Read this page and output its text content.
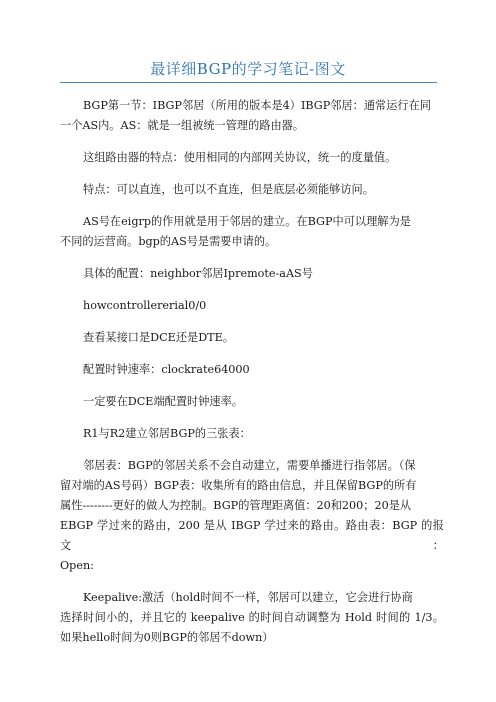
最详细BGP的学习笔记-图文
BGP第一节：IBGP邻居（所用的版本是4）IBGP邻居：通常运行在同
一个AS内。AS：就是一组被统一管理的路由器。
这组路由器的特点：使用相同的内部网关协议，统一的度量值。
特点：可以直连，也可以不直连，但是底层必须能够访问。
AS号在eigrp的作用就是用于邻居的建立。在BGP中可以理解为是
不同的运营商。bgp的AS号是需要申请的。
具体的配置：neighbor邻居Ipremote-aAS号
howcontrollererial0/0
查看某接口是DCE还是DTE。
配置时钟速率：clockrate64000
一定要在DCE端配置时钟速率。
R1与R2建立邻居BGP的三张表：
邻居表：BGP的邻居关系不会自动建立，需要单播进行指邻居。（保
留对端的AS号码）BGP表：收集所有的路由信息，并且保留BGP的所有
属性--------更好的做人为控制。BGP的管理距离值：20和200；20是从
EBGP 学过来的路由，200 是从 IBGP 学过来的路由。路由表：BGP 的报文：
Open:
Keepalive:激活（hold时间不一样，邻居可以建立，它会进行协商
选择时间小的，并且它的 keepalive 的时间自动调整为 Hold 时间的 1/3。
如果hello时间为0则BGP的邻居不down）
